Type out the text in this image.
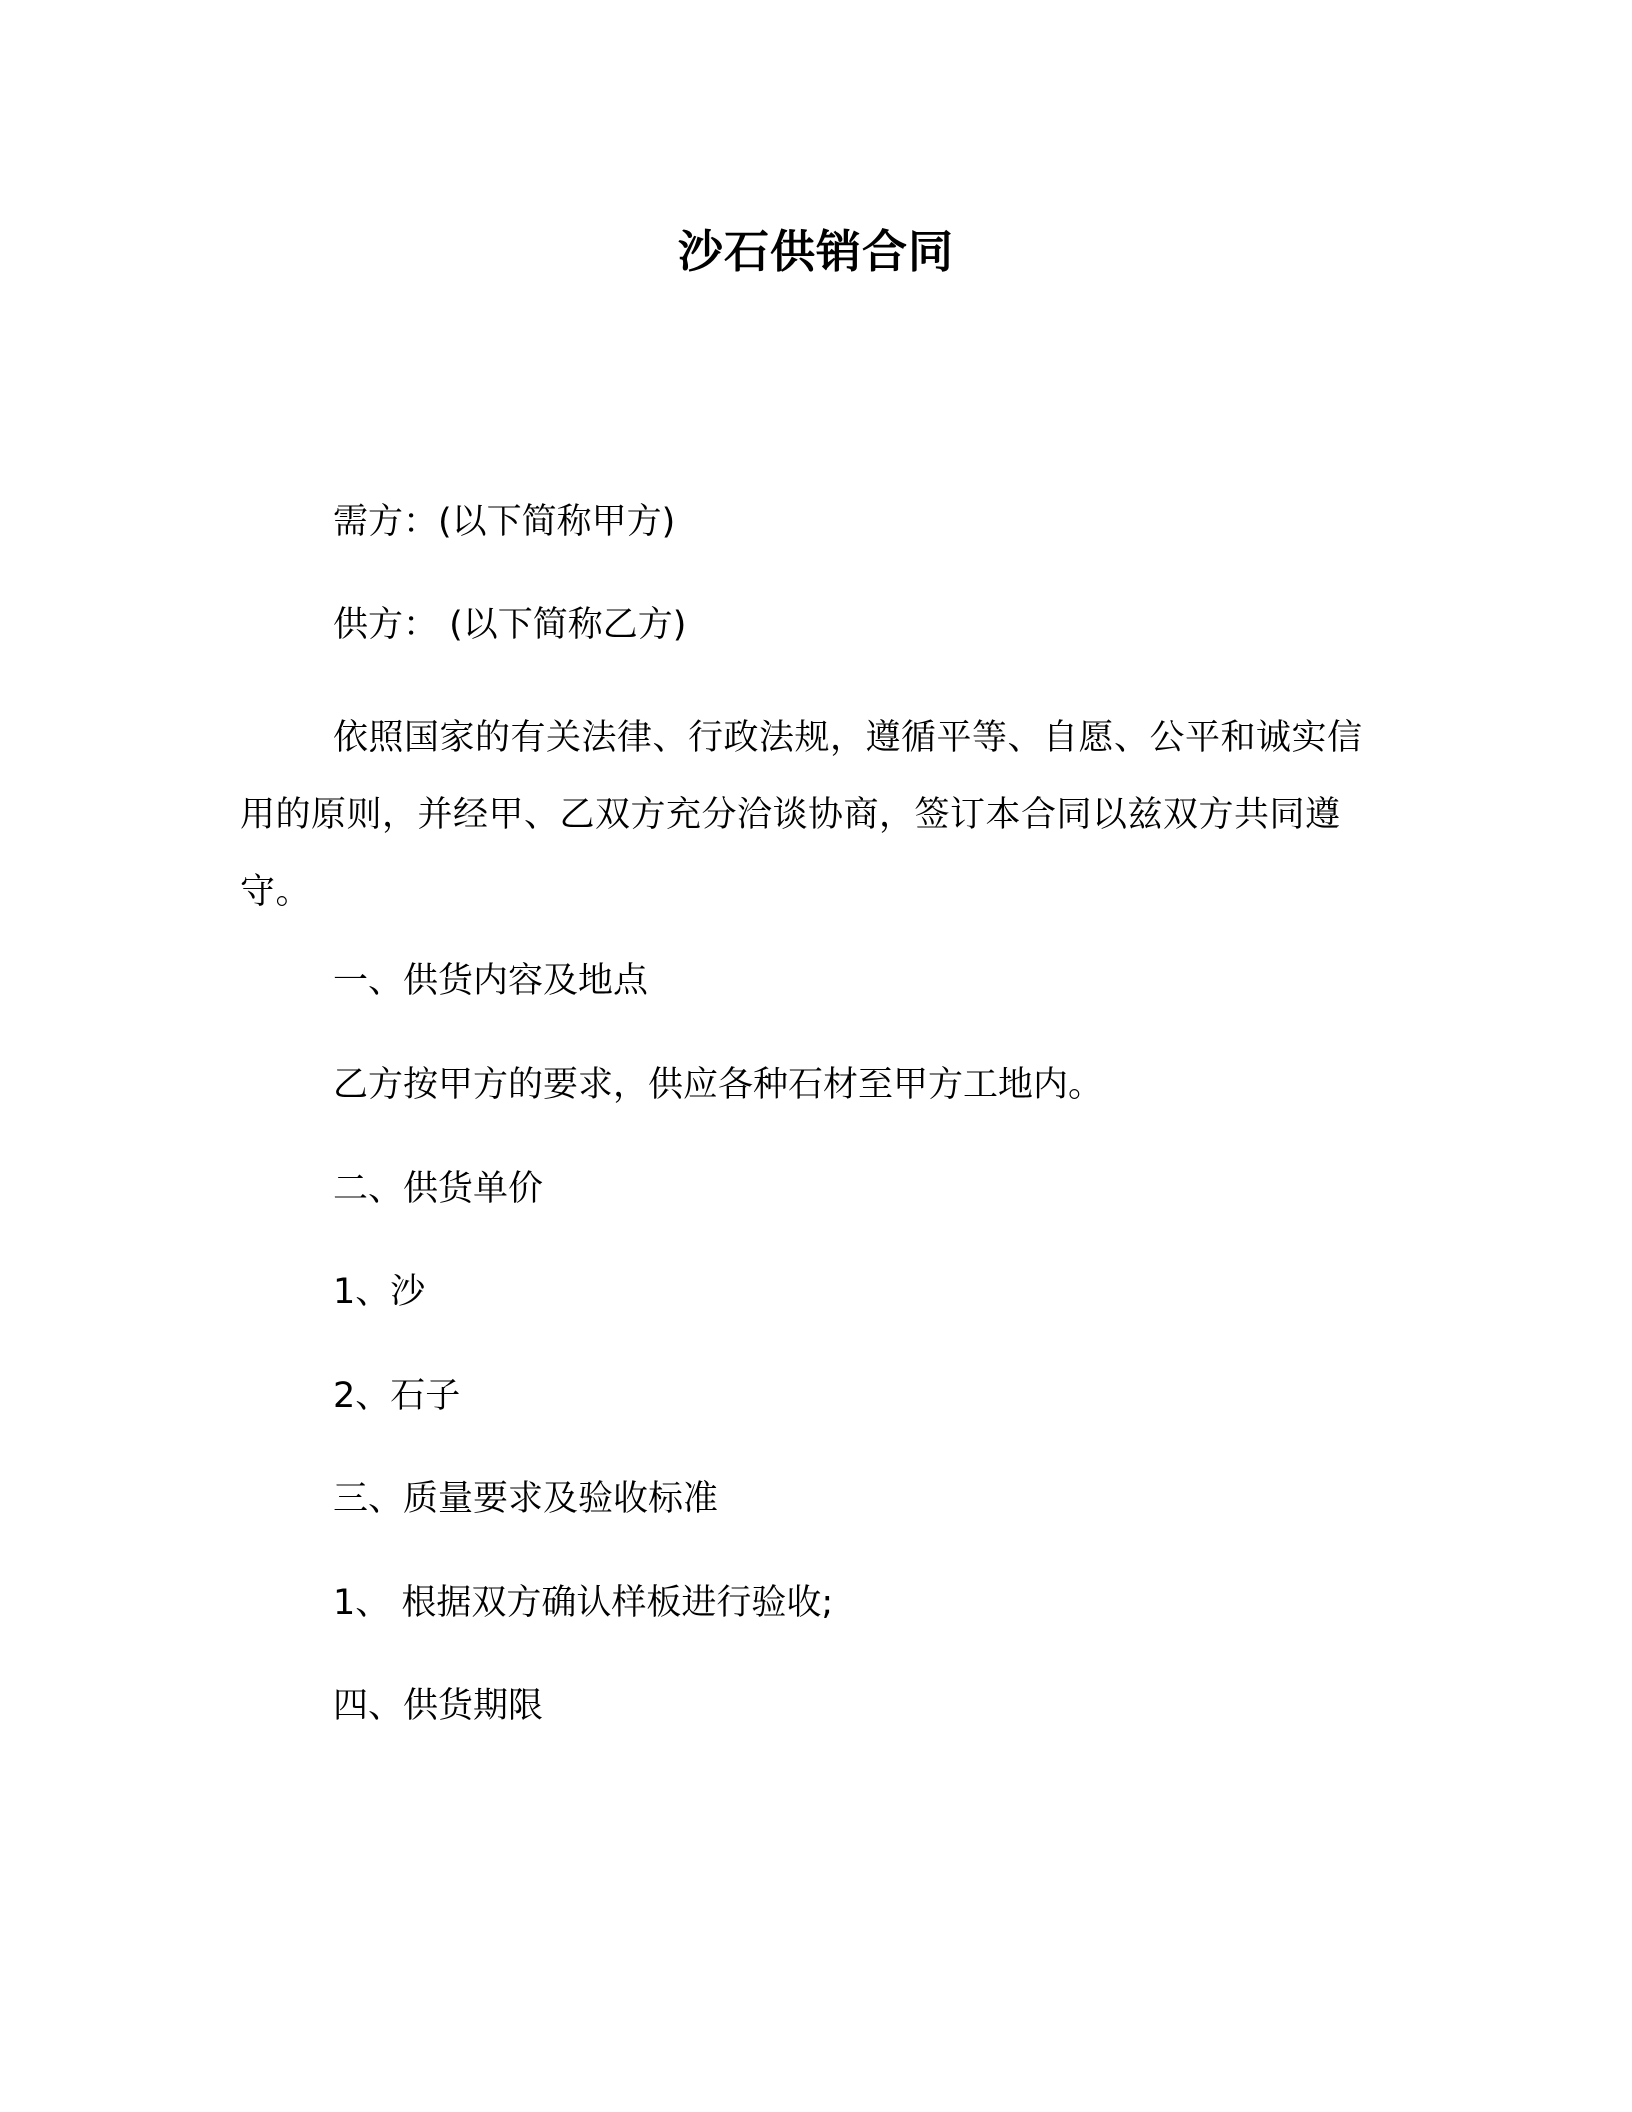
沙石供销合同
需方：(以下简称甲方)
供方： (以下简称乙方)
依照国家的有关法律、行政法规，遵循平等、自愿、公平和诚实信用的原则，并经甲、乙双方充分洽谈协商，签订本合同以兹双方共同遵守。
一、供货内容及地点
乙方按甲方的要求，供应各种石材至甲方工地内。
二、供货单价
1、沙
2、石子
三、质量要求及验收标准
1、 根据双方确认样板进行验收;
四、供货期限
